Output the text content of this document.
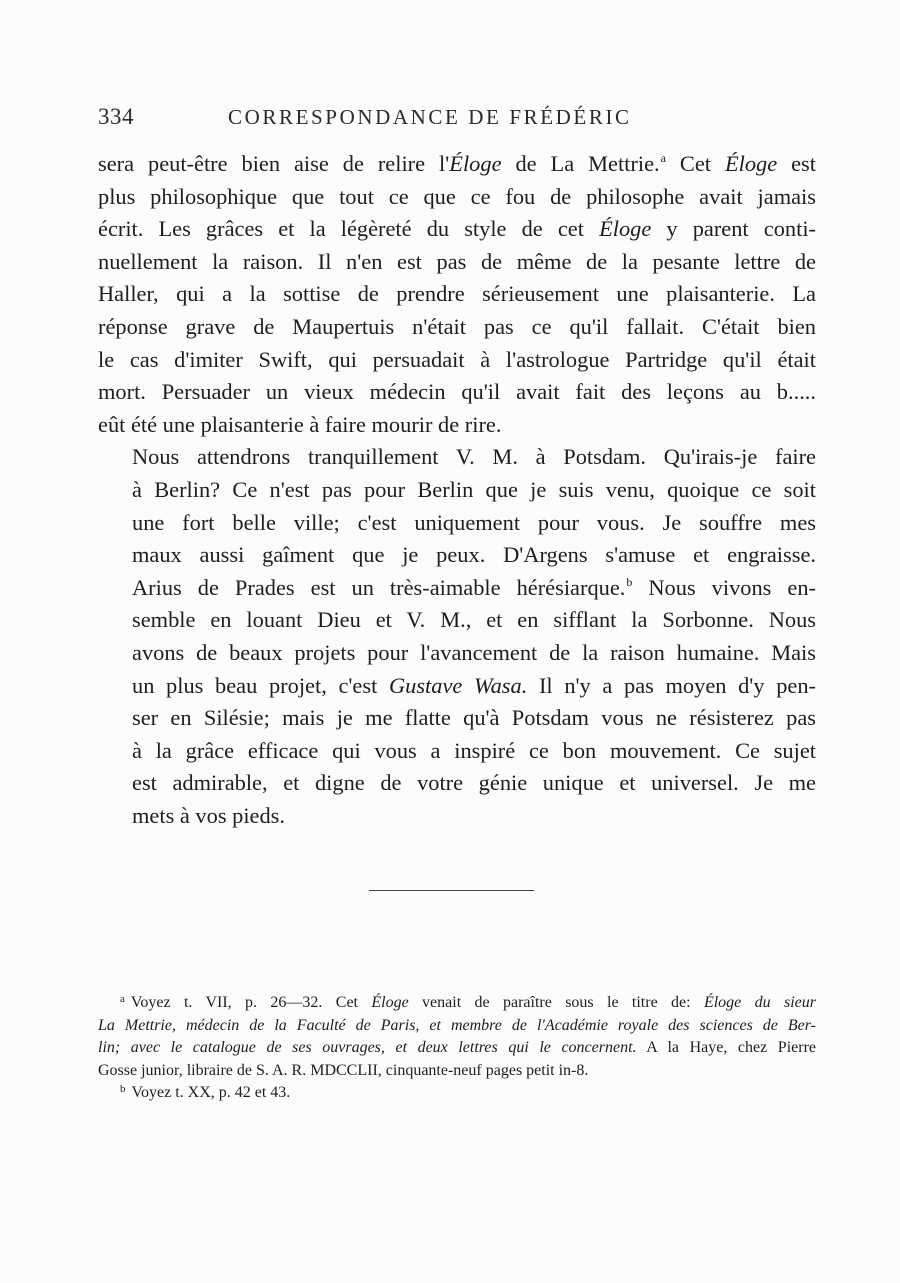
334	CORRESPONDANCE DE FRÉDÉRIC

sera peut-être bien aise de relire l'Éloge de La Mettrie.$^a$ Cet Éloge est
plus philosophique que tout ce que ce fou de philosophe avait jamais
écrit. Les grâces et la légèreté du style de cet Éloge y parent conti-
nuellement la raison. Il n'en est pas de même de la pesante lettre de
Haller, qui a la sottise de prendre sérieusement une plaisanterie. La
réponse grave de Maupertuis n'était pas ce qu'il fallait. C'était bien
le cas d'imiter Swift, qui persuadait à l'astrologue Partridge qu'il était
mort. Persuader un vieux médecin qu'il avait fait des leçons au b.....
eût été une plaisanterie à faire mourir de rire.

Nous attendrons tranquillement V. M. à Potsdam. Qu'irais-je faire
à Berlin? Ce n'est pas pour Berlin que je suis venu, quoique ce soit
une fort belle ville; c'est uniquement pour vous. Je souffre mes
maux aussi gaîment que je peux. D'Argens s'amuse et engraisse.
Arius de Prades est un très-aimable hérésiarque.$^b$ Nous vivons en-
semble en louant Dieu et V. M., et en sifflant la Sorbonne. Nous
avons de beaux projets pour l'avancement de la raison humaine. Mais
un plus beau projet, c'est Gustave Wasa. Il n'y a pas moyen d'y pen-
ser en Silésie; mais je me flatte qu'à Potsdam vous ne résisterez pas
à la grâce efficace qui vous a inspiré ce bon mouvement. Ce sujet
est admirable, et digne de votre génie unique et universel. Je me
mets à vos pieds.

$^a$ Voyez t. VII, p. 26—32. Cet Éloge venait de paraître sous le titre de: Éloge du sieur
La Mettrie, médecin de la Faculté de Paris, et membre de l'Académie royale des sciences de Ber-
lin; avec le catalogue de ses ouvrages, et deux lettres qui le concernent. A la Haye, chez Pierre
Gosse junior, libraire de S. A. R. MDCCLII, cinquante-neuf pages petit in-8.
$^b$ Voyez t. XX, p. 42 et 43.
